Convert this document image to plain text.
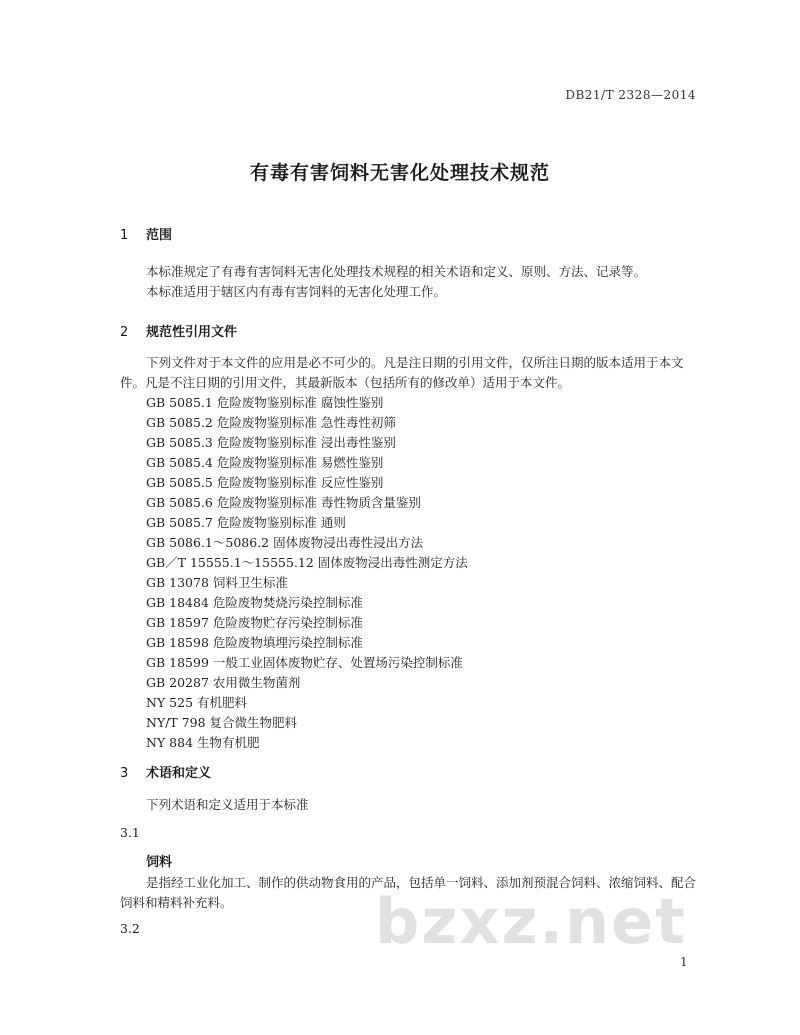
DB21/T 2328—2014
有毒有害饲料无害化处理技术规范
1 范围
本标准规定了有毒有害饲料无害化处理技术规程的相关术语和定义、原则、方法、记录等。
本标准适用于辖区内有毒有害饲料的无害化处理工作。
2 规范性引用文件
下列文件对于本文件的应用是必不可少的。凡是注日期的引用文件，仅所注日期的版本适用于本文件。凡是不注日期的引用文件，其最新版本（包括所有的修改单）适用于本文件。
GB 5085.1 危险废物鉴别标准 腐蚀性鉴别
GB 5085.2 危险废物鉴别标准 急性毒性初筛
GB 5085.3 危险废物鉴别标准 浸出毒性鉴别
GB 5085.4 危险废物鉴别标准 易燃性鉴别
GB 5085.5 危险废物鉴别标准 反应性鉴别
GB 5085.6 危险废物鉴别标准 毒性物质含量鉴别
GB 5085.7 危险废物鉴别标准 通则
GB 5086.1～5086.2 固体废物浸出毒性浸出方法
GB／T 15555.1～15555.12 固体废物浸出毒性测定方法
GB 13078 饲料卫生标准
GB 18484 危险废物焚烧污染控制标准
GB 18597 危险废物贮存污染控制标准
GB 18598 危险废物填埋污染控制标准
GB 18599 一般工业固体废物贮存、处置场污染控制标准
GB 20287 农用微生物菌剂
NY 525 有机肥料
NY/T 798 复合微生物肥料
NY 884 生物有机肥
3 术语和定义
下列术语和定义适用于本标准
3.1
饲料
是指经工业化加工、制作的供动物食用的产品，包括单一饲料、添加剂预混合饲料、浓缩饲料、配合饲料和精料补充料。
3.2	bzxz.net
1
